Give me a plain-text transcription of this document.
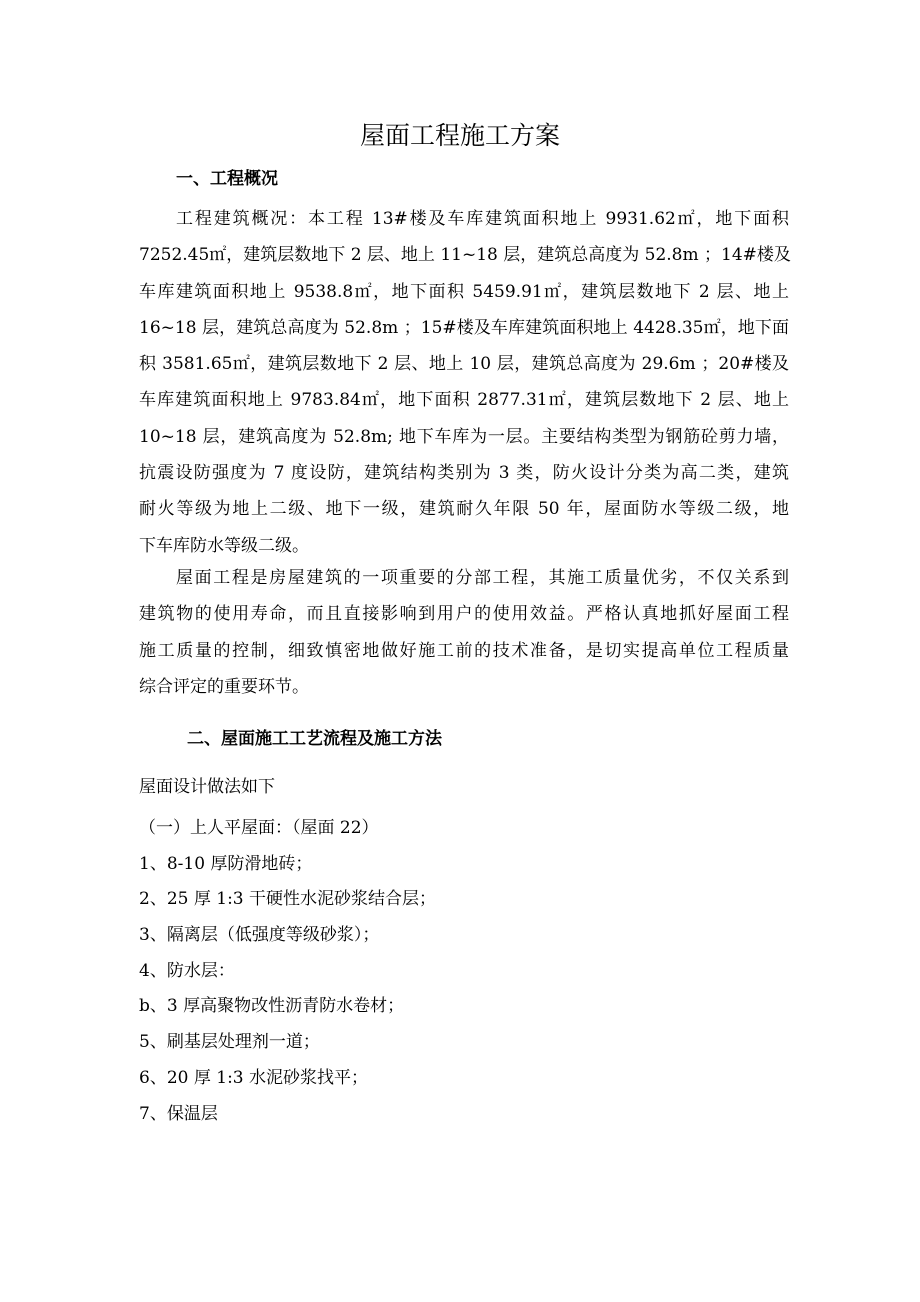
屋面工程施工方案
一、工程概况
工程建筑概况：本工程 13#楼及车库建筑面积地上 9931.62㎡，地下面积
7252.45㎡，建筑层数地下 2 层、地上 11~18 层，建筑总高度为 52.8m ；14#楼及
车库建筑面积地上 9538.8㎡，地下面积 5459.91㎡，建筑层数地下 2 层、地上
16~18 层，建筑总高度为 52.8m ；15#楼及车库建筑面积地上 4428.35㎡，地下面
积 3581.65㎡，建筑层数地下 2 层、地上 10 层，建筑总高度为 29.6m ；20#楼及
车库建筑面积地上 9783.84㎡，地下面积 2877.31㎡，建筑层数地下 2 层、地上
10~18 层，建筑高度为 52.8m; 地下车库为一层。主要结构类型为钢筋砼剪力墙，
抗震设防强度为 7 度设防，建筑结构类别为 3 类，防火设计分类为高二类，建筑
耐火等级为地上二级、地下一级，建筑耐久年限 50 年，屋面防水等级二级，地
下车库防水等级二级。
屋面工程是房屋建筑的一项重要的分部工程，其施工质量优劣，不仅关系到
建筑物的使用寿命，而且直接影响到用户的使用效益。严格认真地抓好屋面工程
施工质量的控制，细致慎密地做好施工前的技术准备，是切实提高单位工程质量
综合评定的重要环节。
二、屋面施工工艺流程及施工方法
屋面设计做法如下
（一）上人平屋面：（屋面 22）
1、8-10 厚防滑地砖；
2、25 厚 1:3 干硬性水泥砂浆结合层；
3、隔离层（低强度等级砂浆）；
4、防水层：
b、3 厚高聚物改性沥青防水卷材；
5、刷基层处理剂一道；
6、20 厚 1:3 水泥砂浆找平；
7、保温层
